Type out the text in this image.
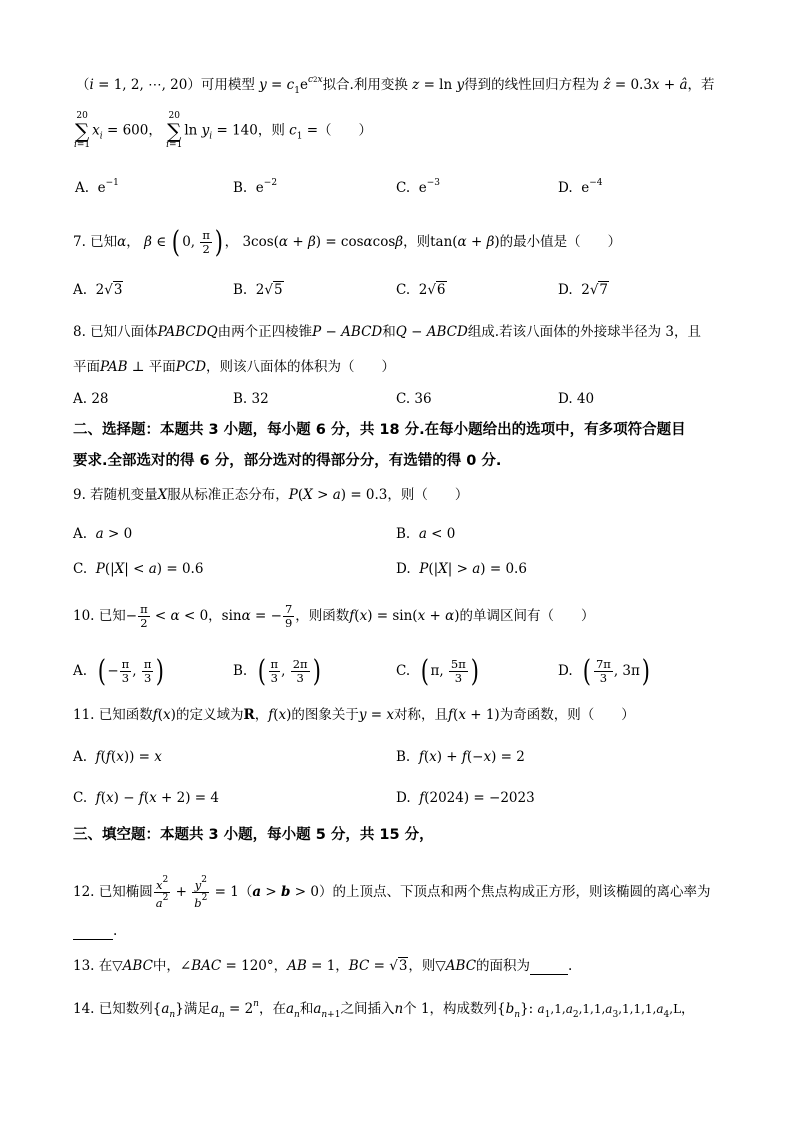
（i = 1, 2, ⋯, 20）可用模型 $y = c_1e^{c2x}$拟合.利用变换 z = ln y得到的线性回归方程为 ẑ = 0.3x + â，若
20
∑
$i=1x_i = 600$， 20
∑
i=1ln $y_i = 140$，则 $c_1$ =（　　）
A.  $e^{-1}$	B.  $e^{-2}$	C.  $e^{-3}$	D.  $e^{-4}$
7. 已知α， β ∈ ( 0, $\frac{\pi}{2}$ ) ， 3cos(α + β) = cosαcosβ，则tan(α + β)的最小值是（　　）
A.  2√3	B.  2√5	C.  2√6	D.  2√7
8. 已知八面体PABCDQ由两个正四棱锥P − ABCD和Q − ABCD组成.若该八面体的外接球半径为 3，且
平面PAB ⊥ 平面PCD，则该八面体的体积为（　　）
A. 28	B. 32	C. 36	D. 40
二、选择题：本题共 3 小题，每小题 6 分，共 18 分.在每小题给出的选项中，有多项符合题目
要求.全部选对的得 6 分，部分选对的得部分分，有选错的得 0 分.
9. 若随机变量X服从标准正态分布，P(X > a) = 0.3，则（　　）
A. a > 0	B. a < 0
C. P(|X| < a) = 0.6	D. P(|X| > a) = 0.6
10. 已知− $\frac{\pi}{2} < \alpha < 0$，sinα = − $\frac{7}{9}$ ，则函数f(x) = sin(x + α)的单调区间有（　　）
A. ( − $\frac{\pi}{3}$ , $\frac{\pi}{3}$ )	B. ( $\frac{\pi}{3}$ , $\frac{2\pi}{3}$ )	C. ( π, $\frac{5\pi}{3}$ )	D. ( $\frac{7\pi}{3}$ , 3π)
11. 已知函数f(x)的定义域为R，f(x)的图象关于y = x对称，且f(x + 1)为奇函数，则（　　）
A. f(f(x)) = x	B. f(x) + f(−x) = 2
C. f(x) − f(x + 2) = 4	D. f(2024) = −2023
三、填空题：本题共 3 小题，每小题 5 分，共 15 分，
12. 已知椭圆 $\frac{x^2}{a^2} + \frac{y^2}{b^2} = 1(a > b > 0)$的上顶点、下顶点和两个焦点构成正方形，则该椭圆的离心率为
.
13. 在▽ABC中，∠BAC = 120°，AB = 1，BC = √3，则▽ABC的面积为	.
14. 已知数列$\{a_n\}$满足$a_n = 2^n$，在$a_n$和$a_{n+1}$之间插入n个 1，构成数列$\{b_n\}$: $a_1,1,a_2,1,1,a_3,1,1,1,a_4,L$，
